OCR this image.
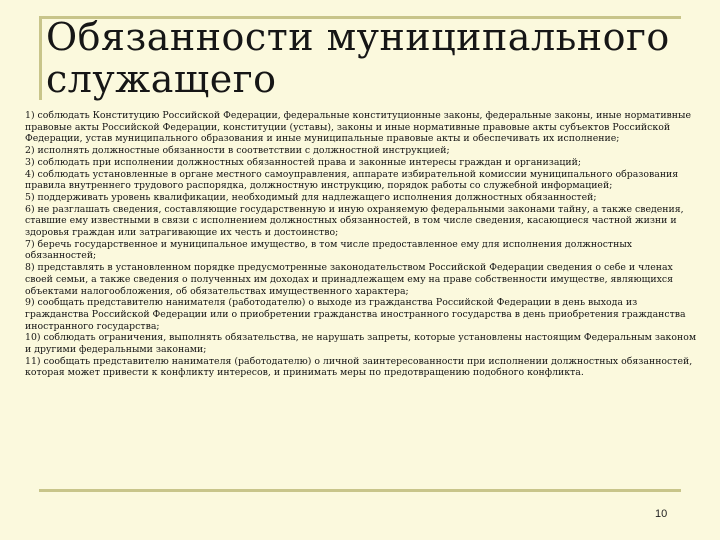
Обязанности муниципального служащего

1) соблюдать Конституцию Российской Федерации, федеральные конституционные законы, федеральные законы, иные нормативные правовые акты Российской Федерации, конституции (уставы), законы и иные нормативные правовые акты субъектов Российской Федерации, устав муниципального образования и иные муниципальные правовые акты и обеспечивать их исполнение;

2) исполнять должностные обязанности в соответствии с должностной инструкцией;

3) соблюдать при исполнении должностных обязанностей права и законные интересы граждан и организаций;

4) соблюдать установленные в органе местного самоуправления, аппарате избирательной комиссии муниципального образования правила внутреннего трудового распорядка, должностную инструкцию, порядок работы со служебной информацией;

5) поддерживать уровень квалификации, необходимый для надлежащего исполнения должностных обязанностей;

6) не разглашать сведения, составляющие государственную и иную охраняемую федеральными законами тайну, а также сведения, ставшие ему известными в связи с исполнением должностных обязанностей, в том числе сведения, касающиеся частной жизни и здоровья граждан или затрагивающие их честь и достоинство;

7) беречь государственное и муниципальное имущество, в том числе предоставленное ему для исполнения должностных обязанностей;

8) представлять в установленном порядке предусмотренные законодательством Российской Федерации сведения о себе и членах своей семьи, а также сведения о полученных им доходах и принадлежащем ему на праве собственности имуществе, являющихся объектами налогообложения, об обязательствах имущественного характера;

9) сообщать представителю нанимателя (работодателю) о выходе из гражданства Российской Федерации в день выхода из гражданства Российской Федерации или о приобретении гражданства иностранного государства в день приобретения гражданства иностранного государства;

10) соблюдать ограничения, выполнять обязательства, не нарушать запреты, которые установлены настоящим Федеральным законом и другими федеральными законами;

11) сообщать представителю нанимателя (работодателю) о личной заинтересованности при исполнении должностных обязанностей, которая может привести к конфликту интересов, и принимать меры по предотвращению подобного конфликта.

10
